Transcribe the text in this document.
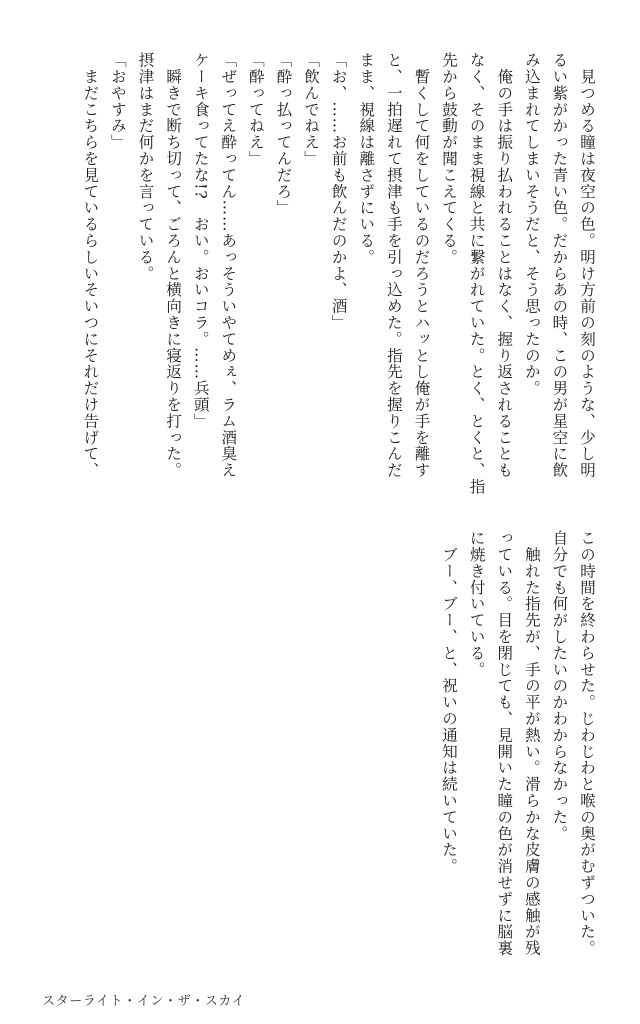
　見つめる瞳は夜空の色。明け方前の刻のような、少し明

るい紫がかった青い色。だからあの時、この男が星空に飲

み込まれてしまいそうだと、そう思ったのか。

　俺の手は振り払われることはなく、握り返されることも

なく、そのまま視線と共に繋がれていた。とく、とくと、指

先から鼓動が聞こえてくる。

　暫くして何をしているのだろうとハッとし俺が手を離す

と、一拍遅れて摂津も手を引っ込めた。指先を握りこんだ

まま、視線は離さずにいる。

「お、……お前も飲んだのかよ、酒」

「飲んでねえ」

「酔っ払ってんだろ」

「酔ってねえ」

「ぜってえ酔ってん……あっそういやてめぇ、ラム酒臭え

ケーキ食ってたな!?　おい。おいコラ。……兵頭」

　瞬きで断ち切って、ごろんと横向きに寝返りを打った。

摂津はまだ何かを言っている。

「おやすみ」

　まだこちらを見ているらしいそいつにそれだけ告げて、

この時間を終わらせた。じわじわと喉の奥がむずついた。

自分でも何がしたいのかわからなかった。

　触れた指先が、手の平が熱い。滑らかな皮膚の感触が残

っている。目を閉じても、見開いた瞳の色が消せずに脳裏

に焼き付いている。

　ブー、ブー、と、祝いの通知は続いていた。

スターライト・イン・ザ・スカイ
